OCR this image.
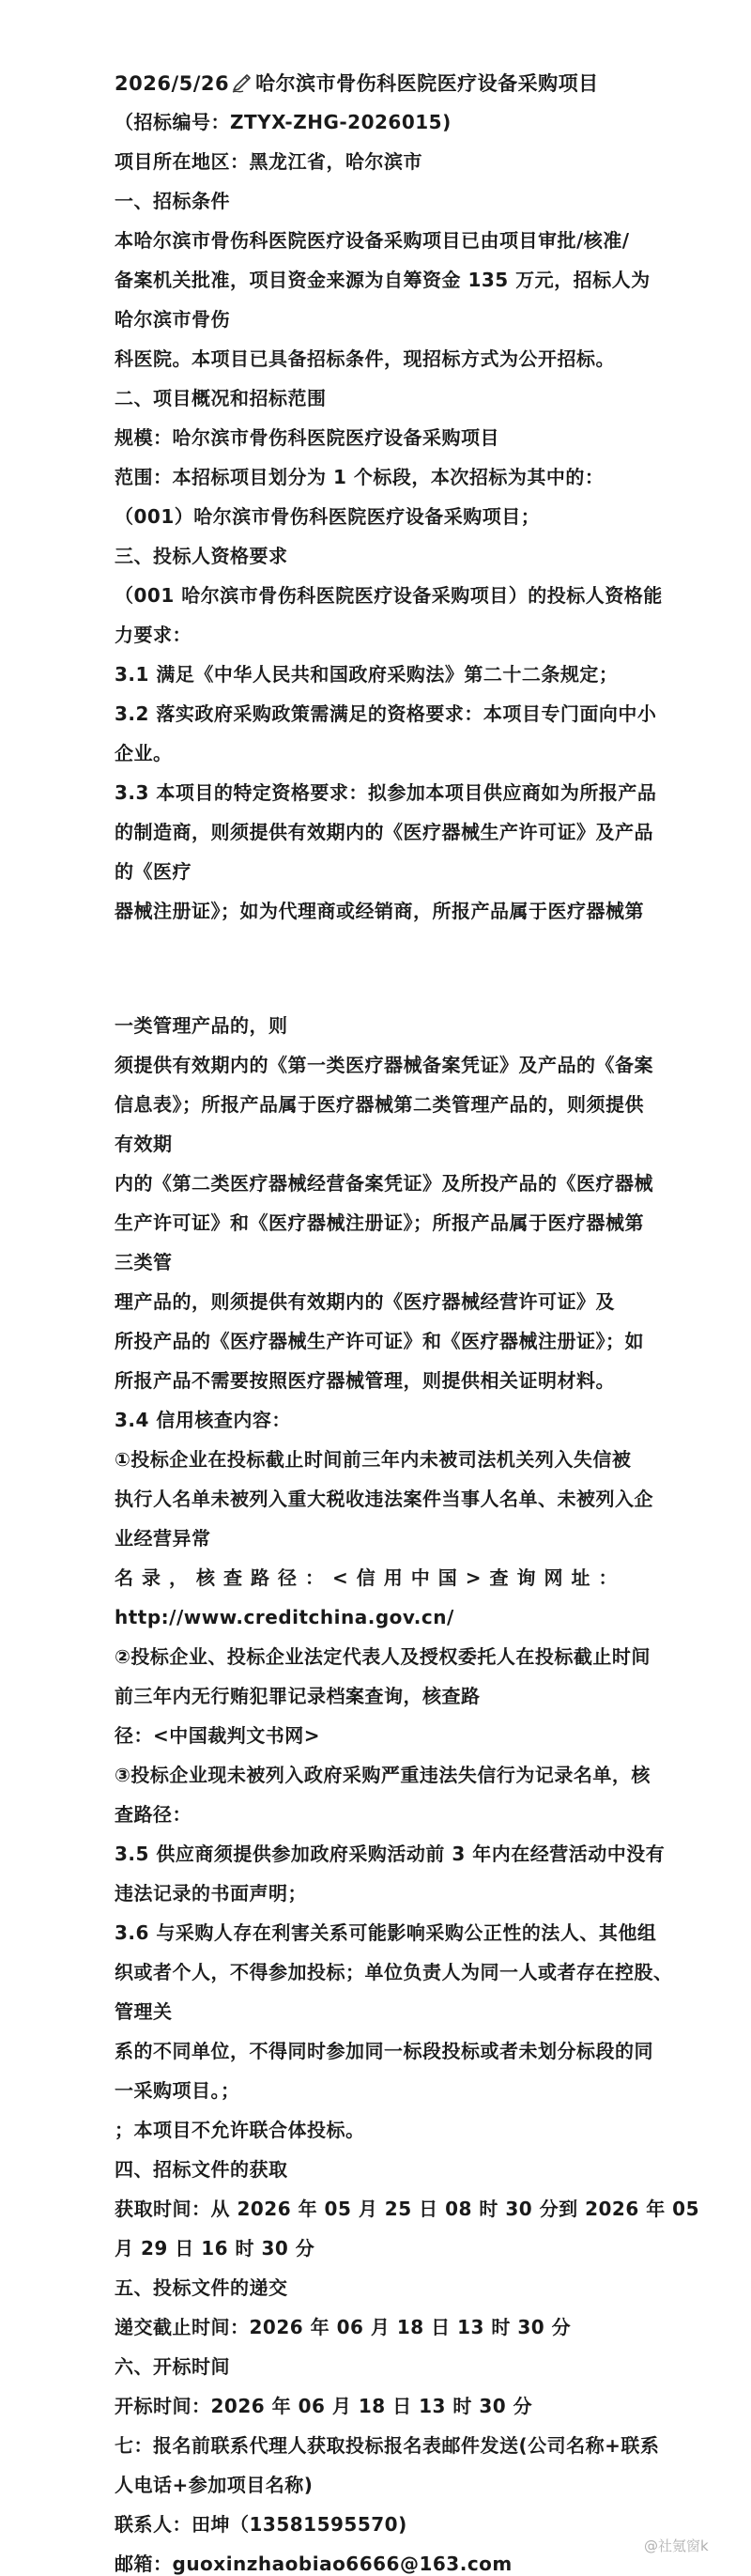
2026/5/26 哈尔滨市骨伤科医院医疗设备采购项目
（招标编号：ZTYX-ZHG-2026015)
项目所在地区：黑龙江省，哈尔滨市
一、招标条件
本哈尔滨市骨伤科医院医疗设备采购项目已由项目审批/核准/
备案机关批准，项目资金来源为自筹资金 135 万元，招标人为
哈尔滨市骨伤
科医院。本项目已具备招标条件，现招标方式为公开招标。
二、项目概况和招标范围
规模：哈尔滨市骨伤科医院医疗设备采购项目
范围：本招标项目划分为 1 个标段，本次招标为其中的：
（001）哈尔滨市骨伤科医院医疗设备采购项目；
三、投标人资格要求
（001 哈尔滨市骨伤科医院医疗设备采购项目）的投标人资格能
力要求：
3.1 满足《中华人民共和国政府采购法》第二十二条规定；
3.2 落实政府采购政策需满足的资格要求：本项目专门面向中小
企业。
3.3 本项目的特定资格要求：拟参加本项目供应商如为所报产品
的制造商，则须提供有效期内的《医疗器械生产许可证》及产品
的《医疗
器械注册证》；如为代理商或经销商，所报产品属于医疗器械第
一类管理产品的，则
须提供有效期内的《第一类医疗器械备案凭证》及产品的《备案
信息表》；所报产品属于医疗器械第二类管理产品的，则须提供
有效期
内的《第二类医疗器械经营备案凭证》及所投产品的《医疗器械
生产许可证》和《医疗器械注册证》；所报产品属于医疗器械第
三类管
理产品的，则须提供有效期内的《医疗器械经营许可证》及
所投产品的《医疗器械生产许可证》和《医疗器械注册证》；如
所报产品不需要按照医疗器械管理，则提供相关证明材料。
3.4 信用核查内容：
①投标企业在投标截止时间前三年内未被司法机关列入失信被
执行人名单未被列入重大税收违法案件当事人名单、未被列入企
业经营异常
名录，核查路径：<信用中国>查询网址：
http://www.creditchina.gov.cn/
②投标企业、投标企业法定代表人及授权委托人在投标截止时间
前三年内无行贿犯罪记录档案查询，核查路
径：<中国裁判文书网>
③投标企业现未被列入政府采购严重违法失信行为记录名单，核
查路径：
3.5 供应商须提供参加政府采购活动前 3 年内在经营活动中没有
违法记录的书面声明；
3.6 与采购人存在利害关系可能影响采购公正性的法人、其他组
织或者个人，不得参加投标；单位负责人为同一人或者存在控股、
管理关
系的不同单位，不得同时参加同一标段投标或者未划分标段的同
一采购项目。；
；本项目不允许联合体投标。
四、招标文件的获取
获取时间：从 2026 年 05 月 25 日 08 时 30 分到 2026 年 05
月 29 日 16 时 30 分
五、投标文件的递交
递交截止时间：2026 年 06 月 18 日 13 时 30 分
六、开标时间
开标时间：2026 年 06 月 18 日 13 时 30 分
七：报名前联系代理人获取投标报名表邮件发送(公司名称+联系
人电话+参加项目名称)
联系人：田坤（13581595570)
邮箱：guoxinzhaobiao6666@163.com
@社氪窗k
